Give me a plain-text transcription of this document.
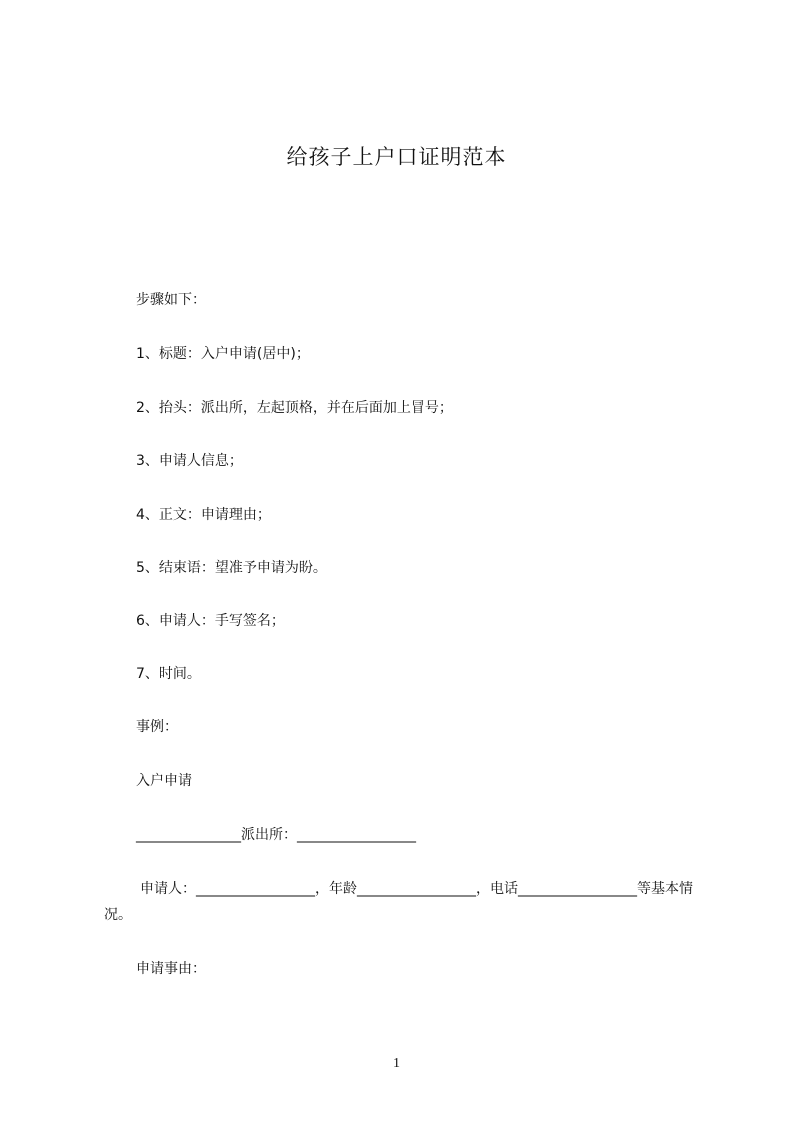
给孩子上户口证明范本
步骤如下：
1、标题：入户申请(居中)；
2、抬头：派出所，左起顶格，并在后面加上冒号；
3、申请人信息；
4、正文：申请理由；
5、结束语：望准予申请为盼。
6、申请人：手写签名；
7、时间。
事例：
入户申请
_______________派出所：_________________
申请人：_________________，年龄_________________，电话_________________等基本情况。
申请事由：
1
